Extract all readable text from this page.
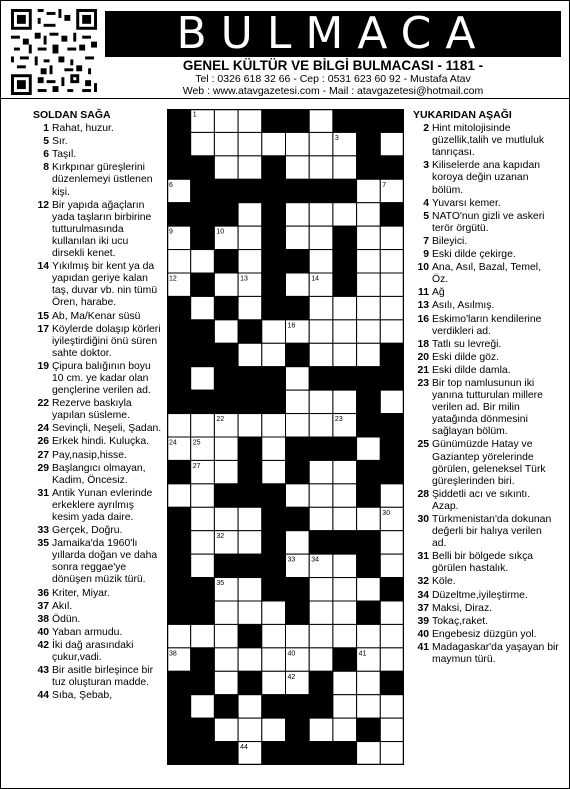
BULMACA
GENEL KÜLTÜR VE BİLGİ BULMACASI - 1181 -
Tel : 0326 618 32 66 - Cep : 0531 623 60 92 - Mustafa Atav
Web : www.atavgazetesi.com - Mail : atavgazetesi@hotmail.com
SOLDAN SAĞA
1 Rahat, huzur.
5 Sır.
6 Taşıl.
8 Kırkpınar güreşlerini düzenlemeyi üstlenen kişi.
12 Bir yapıda ağaçların yada taşların birbirine tutturulmasında kullanılan iki ucu dirsekli kenet.
14 Yıkılmış bir kent ya da yapıdan geriye kalan taş, duvar vb. nin tümü Ören, harabe.
15 Ab, Ma/Kenar süsü
17 Köylerde dolaşıp körleri iyileştirdiğini önü süren sahte doktor.
19 Çipura balığının boyu 10 cm. ye kadar olan gençlerine verilen ad.
22 Rezerve baskıyla yapılan süsleme.
24 Sevinçli, Neşeli, Şadan.
26 Erkek hindi. Kuluçka.
27 Pay,nasip,hisse.
29 Başlangıcı olmayan, Kadim, Öncesiz.
31 Antik Yunan evlerinde erkeklere ayrılmış kesim yada daire.
33 Gerçek, Doğru.
35 Jamaika'da 1960'lı yıllarda doğan ve daha sonra reggae'ye dönüşen müzik türü.
36 Kriter, Miyar.
37 Akıl.
38 Ödün.
40 Yaban armudu.
42 İki dağ arasındaki çukur,vadi.
43 Bir asitle birleşince bir tuz oluşturan madde.
44 Sıba, Şebab,
1	2
3
4	5
6	7
8
9	10	11
12	13	14
15
16
17
18
19	20	21
22	23
24 25	26
27	28
29
30
31	32
33 34
35
36
37
38 39	40	41
42
43
44
YUKARIDAN AŞAĞI
2 Hint mitolojisinde güzellik,talih ve mutluluk tanrıçası.
3 Kiliselerde ana kapıdan koroya değin uzanan bölüm.
4 Yuvarsı kemer.
5 NATO'nun gizli ve askeri terör örgütü.
7 Bileyici.
9 Eski dilde çekirge.
10 Ana, Asıl, Bazal, Temel, Öz.
11 Ağ
13 Asılı, Asılmış.
16 Eskimo'ların kendilerine verdikleri ad.
18 Tatlı su levreği.
20 Eski dilde göz.
21 Eski dilde damla.
23 Bir top namlusunun iki yanına tutturulan millere verilen ad. Bir milin yatağında dönmesini sağlayan bölüm.
25 Günümüzde Hatay ve Gaziantep yörelerinde görülen, geleneksel Türk güreşlerinden biri.
28 Şiddetli acı ve sıkıntı. Azap.
30 Türkmenistan'da dokunan değerli bir halıya verilen ad.
31 Belli bir bölgede sıkça görülen hastalık.
32 Köle.
34 Düzeltme,iyileştirme.
37 Maksi, Diraz.
39 Tokaç,raket.
40 Engebesiz düzgün yol.
41 Madagaskar'da yaşayan bir maymun türü.
